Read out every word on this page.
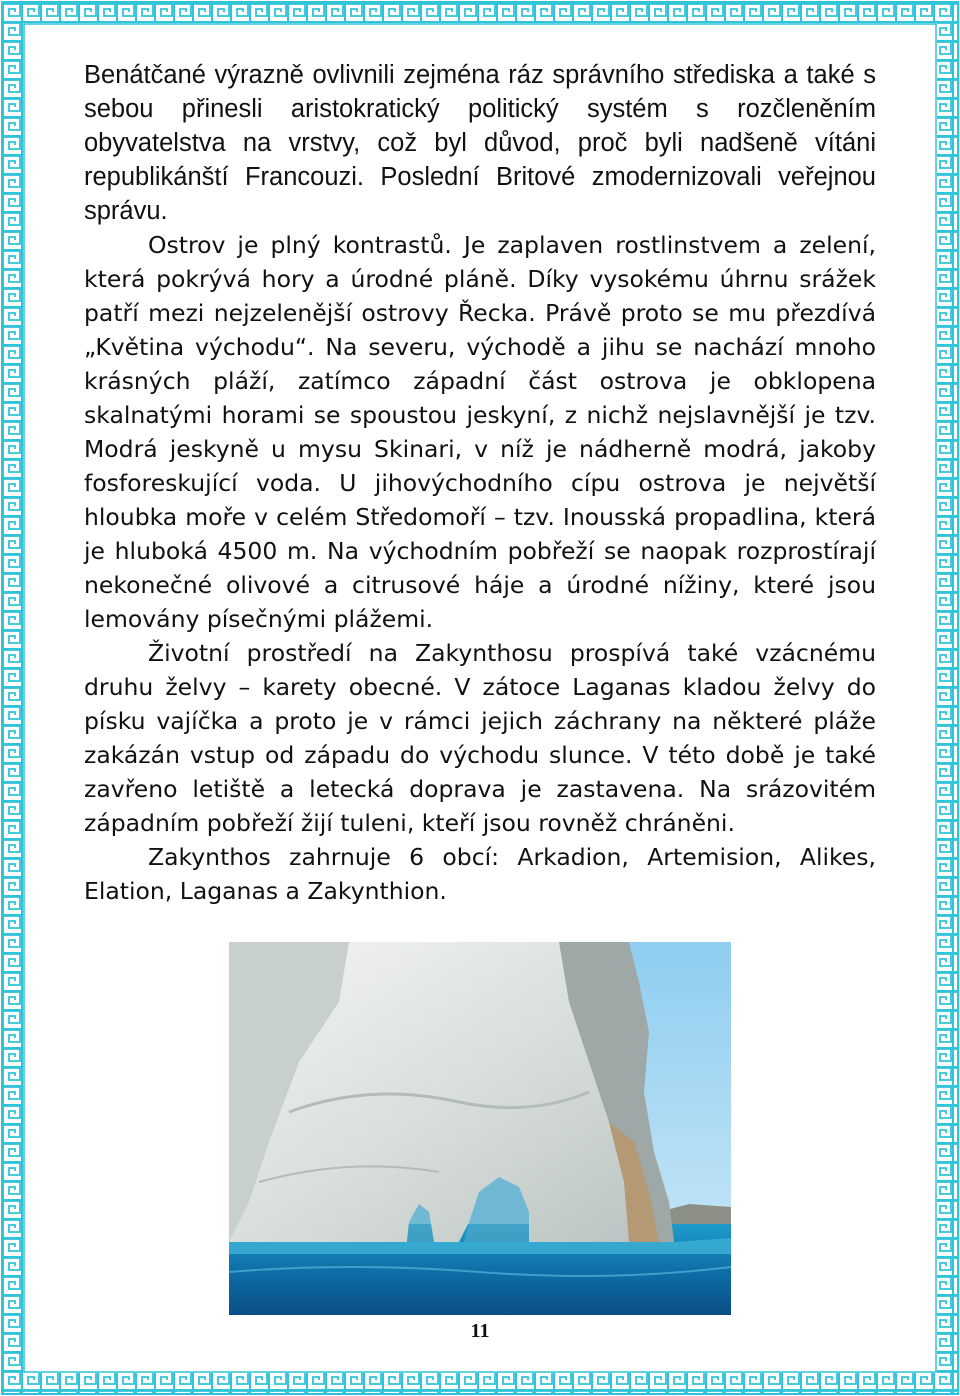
Benátčané výrazně ovlivnili zejména ráz správního střediska a také s sebou přinesli aristokratický politický systém s rozčleněním obyvatelstva na vrstvy, což byl důvod, proč byli nadšeně vítáni republikánští Francouzi. Poslední Britové zmodernizovali veřejnou správu.

Ostrov je plný kontrastů. Je zaplaven rostlinstvem a zelení, která pokrývá hory a úrodné pláně. Díky vysokému úhrnu srážek patří mezi nejzelenější ostrovy Řecka. Právě proto se mu přezdívá „Květina východu“. Na severu, východě a jihu se nachází mnoho krásných pláží, zatímco západní část ostrova je obklopena skalnatými horami se spoustou jeskyní, z nichž nejslavnější je tzv. Modrá jeskyně u mysu Skinari, v níž je nádherně modrá, jakoby fosforeskující voda. U jihovýchodního cípu ostrova je největší hloubka moře v celém Středomoří – tzv. Inousská propadlina, která je hluboká 4500 m. Na východním pobřeží se naopak rozprostírají nekonečné olivové a citrusové háje a úrodné nížiny, které jsou lemovány písečnými plážemi.

Životní prostředí na Zakynthosu prospívá také vzácnému druhu želvy – karety obecné. V zátoce Laganas kladou želvy do písku vajíčka a proto je v rámci jejich záchrany na některé pláže zakázán vstup od západu do východu slunce. V této době je také zavřeno letiště a letecká doprava je zastavena. Na srázovitém západním pobřeží žijí tuleni, kteří jsou rovněž chráněni.

Zakynthos zahrnuje 6 obcí: Arkadion, Artemision, Alikes, Elation, Laganas a Zakynthion.

11
